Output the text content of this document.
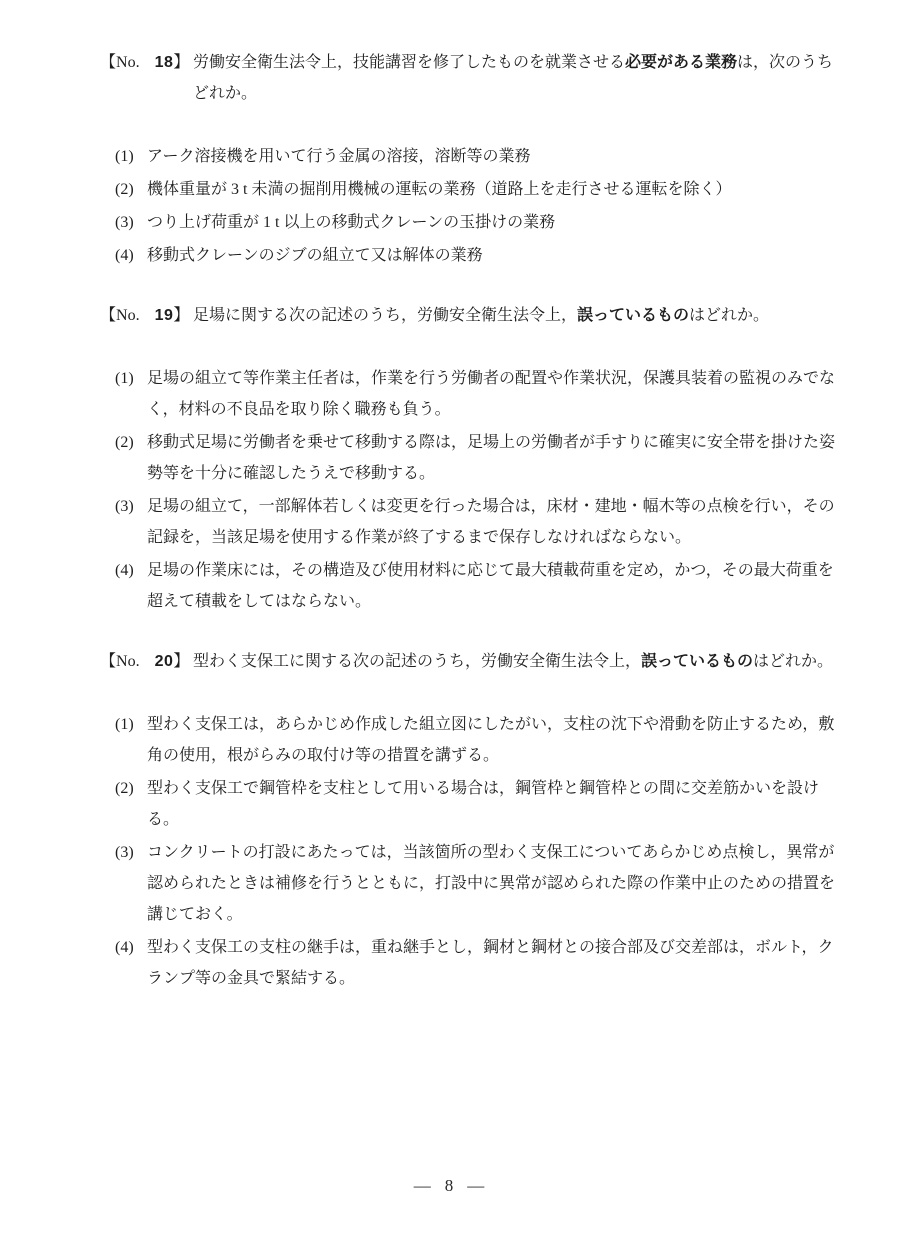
【No. 18】 労働安全衛生法令上，技能講習を修了したものを就業させる必要がある業務は，次のうちどれか。
(1) アーク溶接機を用いて行う金属の溶接，溶断等の業務
(2) 機体重量が 3 t 未満の掘削用機械の運転の業務（道路上を走行させる運転を除く）
(3) つり上げ荷重が 1 t 以上の移動式クレーンの玉掛けの業務
(4) 移動式クレーンのジブの組立て又は解体の業務
【No. 19】 足場に関する次の記述のうち，労働安全衛生法令上，誤っているものはどれか。
(1) 足場の組立て等作業主任者は，作業を行う労働者の配置や作業状況，保護具装着の監視のみでなく，材料の不良品を取り除く職務も負う。
(2) 移動式足場に労働者を乗せて移動する際は，足場上の労働者が手すりに確実に安全帯を掛けた姿勢等を十分に確認したうえで移動する。
(3) 足場の組立て，一部解体若しくは変更を行った場合は，床材・建地・幅木等の点検を行い，その記録を，当該足場を使用する作業が終了するまで保存しなければならない。
(4) 足場の作業床には，その構造及び使用材料に応じて最大積載荷重を定め，かつ，その最大荷重を超えて積載をしてはならない。
【No. 20】 型わく支保工に関する次の記述のうち，労働安全衛生法令上，誤っているものはどれか。
(1) 型わく支保工は，あらかじめ作成した組立図にしたがい，支柱の沈下や滑動を防止するため，敷角の使用，根がらみの取付け等の措置を講ずる。
(2) 型わく支保工で鋼管枠を支柱として用いる場合は，鋼管枠と鋼管枠との間に交差筋かいを設ける。
(3) コンクリートの打設にあたっては，当該箇所の型わく支保工についてあらかじめ点検し，異常が認められたときは補修を行うとともに，打設中に異常が認められた際の作業中止のための措置を講じておく。
(4) 型わく支保工の支柱の継手は，重ね継手とし，鋼材と鋼材との接合部及び交差部は，ボルト，クランプ等の金具で緊結する。
— 8 —
